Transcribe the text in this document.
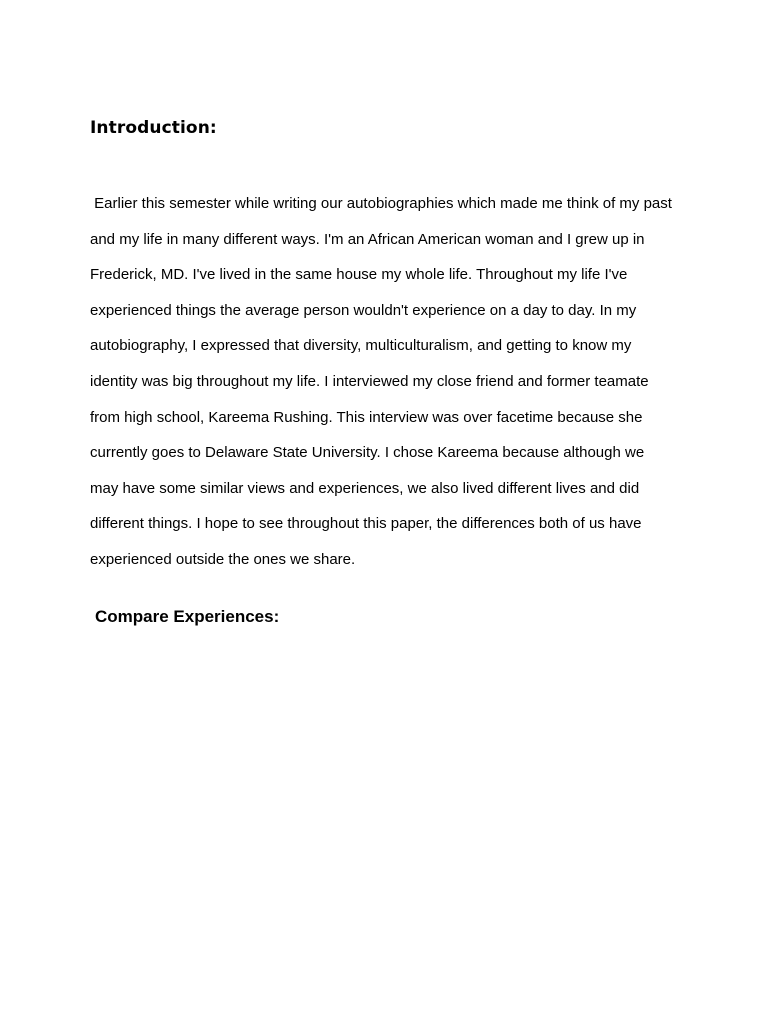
Introduction:

Earlier this semester while writing our autobiographies which made me think of my past
and my life in many different ways. I'm an African American woman and I grew up in
Frederick, MD. I've lived in the same house my whole life. Throughout my life I've
experienced things the average person wouldn't experience on a day to day. In my
autobiography, I expressed that diversity, multiculturalism, and getting to know my
identity was big throughout my life. I interviewed my close friend and former teamate
from high school, Kareema Rushing. This interview was over facetime because she
currently goes to Delaware State University. I chose Kareema because although we
may have some similar views and experiences, we also lived different lives and did
different things. I hope to see throughout this paper, the differences both of us have
experienced outside the ones we share.

Compare Experiences:
